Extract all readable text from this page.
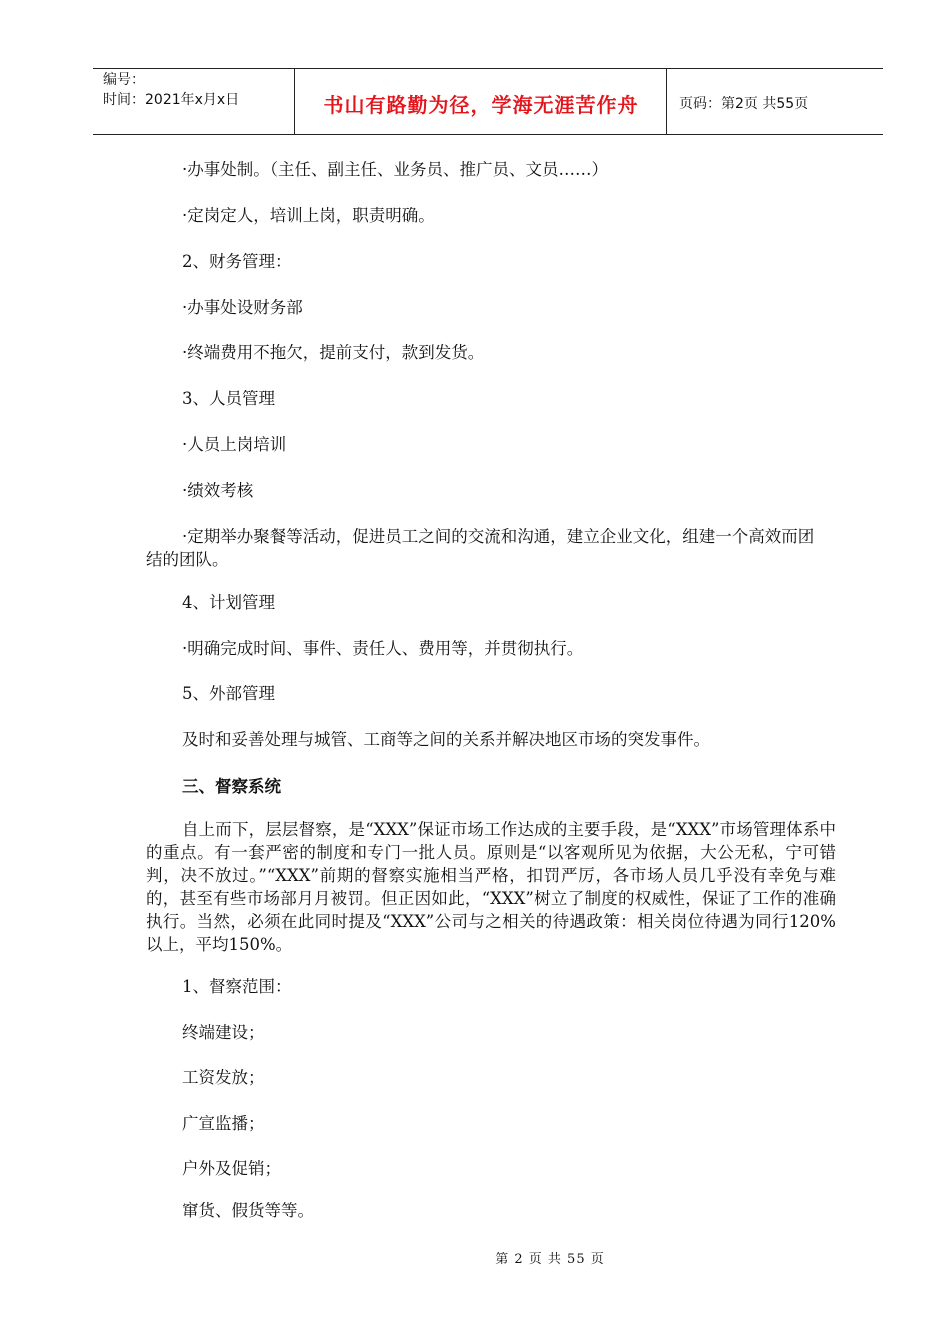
编号：
时间：2021年x月x日	书山有路勤为径，学海无涯苦作舟	页码：第2页 共55页
·办事处制。（主任、副主任、业务员、推广员、文员……）
·定岗定人，培训上岗，职责明确。
2、财务管理：
·办事处设财务部
·终端费用不拖欠，提前支付，款到发货。
3、人员管理
·人员上岗培训
·绩效考核
·定期举办聚餐等活动，促进员工之间的交流和沟通，建立企业文化，组建一个高效而团结的团队。
4、计划管理
·明确完成时间、事件、责任人、费用等，并贯彻执行。
5、外部管理
及时和妥善处理与城管、工商等之间的关系并解决地区市场的突发事件。
三、督察系统
自上而下，层层督察，是“XXX”保证市场工作达成的主要手段，是“XXX”市场管理体系中的重点。有一套严密的制度和专门一批人员。原则是“以客观所见为依据，大公无私，宁可错判，决不放过。”“XXX”前期的督察实施相当严格，扣罚严厉，各市场人员几乎没有幸免与难的，甚至有些市场部月月被罚。但正因如此，“XXX”树立了制度的权威性，保证了工作的准确执行。当然，必须在此同时提及“XXX”公司与之相关的待遇政策：相关岗位待遇为同行120%以上，平均150%。
1、督察范围：
终端建设；
工资发放；
广宣监播；
户外及促销；
窜货、假货等等。
第 2 页 共 55 页
